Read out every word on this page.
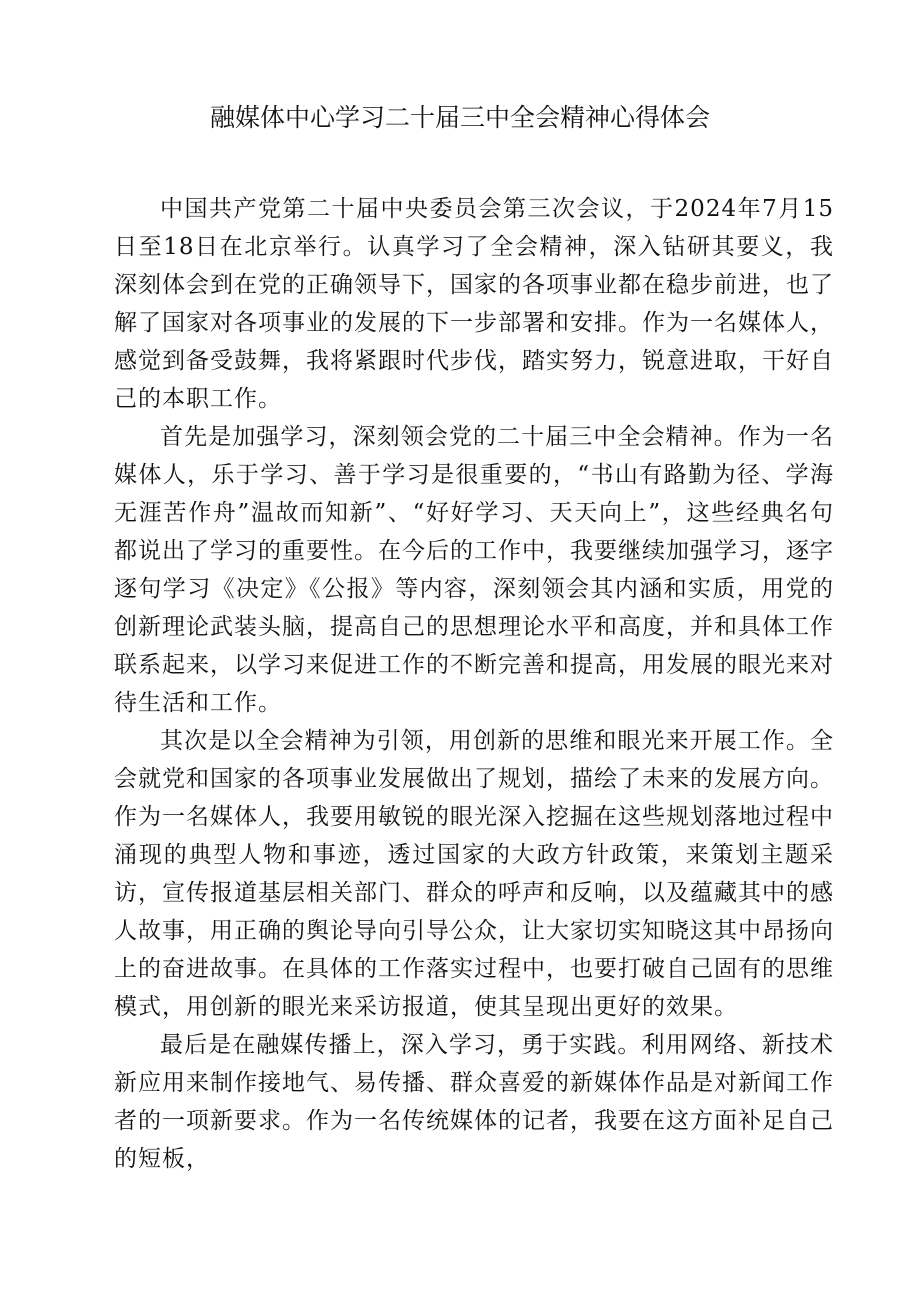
融媒体中心学习二十届三中全会精神心得体会

中国共产党第二十届中央委员会第三次会议，于2024年7月15日至18日在北京举行。认真学习了全会精神，深入钻研其要义，我深刻体会到在党的正确领导下，国家的各项事业都在稳步前进，也了解了国家对各项事业的发展的下一步部署和安排。作为一名媒体人，感觉到备受鼓舞，我将紧跟时代步伐，踏实努力，锐意进取，干好自己的本职工作。

首先是加强学习，深刻领会党的二十届三中全会精神。作为一名媒体人，乐于学习、善于学习是很重要的，“书山有路勤为径、学海无涯苦作舟”温故而知新”、“好好学习、天天向上”，这些经典名句都说出了学习的重要性。在今后的工作中，我要继续加强学习，逐字逐句学习《决定》《公报》等内容，深刻领会其内涵和实质，用党的创新理论武装头脑，提高自己的思想理论水平和高度，并和具体工作联系起来，以学习来促进工作的不断完善和提高，用发展的眼光来对待生活和工作。

其次是以全会精神为引领，用创新的思维和眼光来开展工作。全会就党和国家的各项事业发展做出了规划，描绘了未来的发展方向。作为一名媒体人，我要用敏锐的眼光深入挖掘在这些规划落地过程中涌现的典型人物和事迹，透过国家的大政方针政策，来策划主题采访，宣传报道基层相关部门、群众的呼声和反响，以及蕴藏其中的感人故事，用正确的舆论导向引导公众，让大家切实知晓这其中昂扬向上的奋进故事。在具体的工作落实过程中，也要打破自己固有的思维模式，用创新的眼光来采访报道，使其呈现出更好的效果。

最后是在融媒传播上，深入学习，勇于实践。利用网络、新技术新应用来制作接地气、易传播、群众喜爱的新媒体作品是对新闻工作者的一项新要求。作为一名传统媒体的记者，我要在这方面补足自己的短板，
